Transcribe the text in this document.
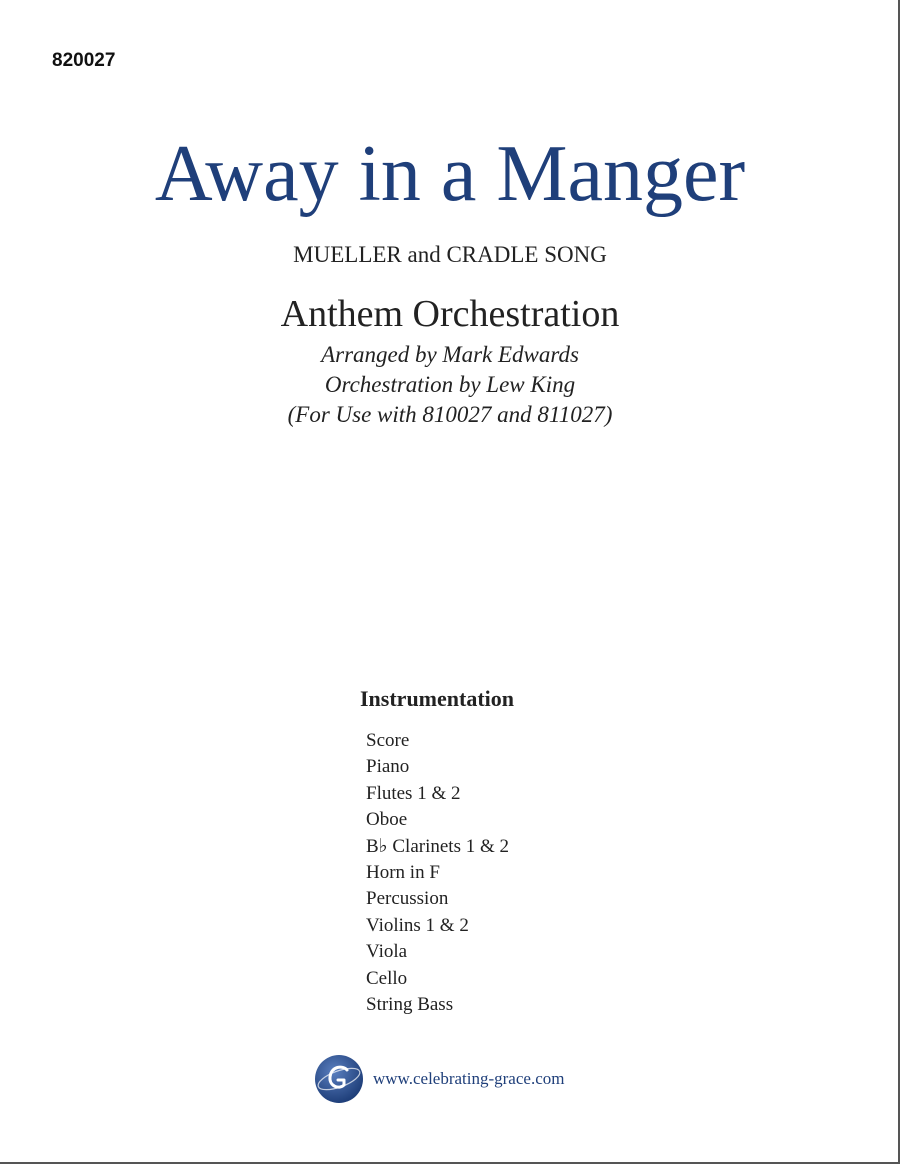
820027
Away in a Manger
MUELLER and CRADLE SONG
Anthem Orchestration
Arranged by Mark Edwards
Orchestration by Lew King
(For Use with 810027 and 811027)
Instrumentation
Score
Piano
Flutes 1 & 2
Oboe
B♭ Clarinets 1 & 2
Horn in F
Percussion
Violins 1 & 2
Viola
Cello
String Bass
www.celebrating-grace.com
